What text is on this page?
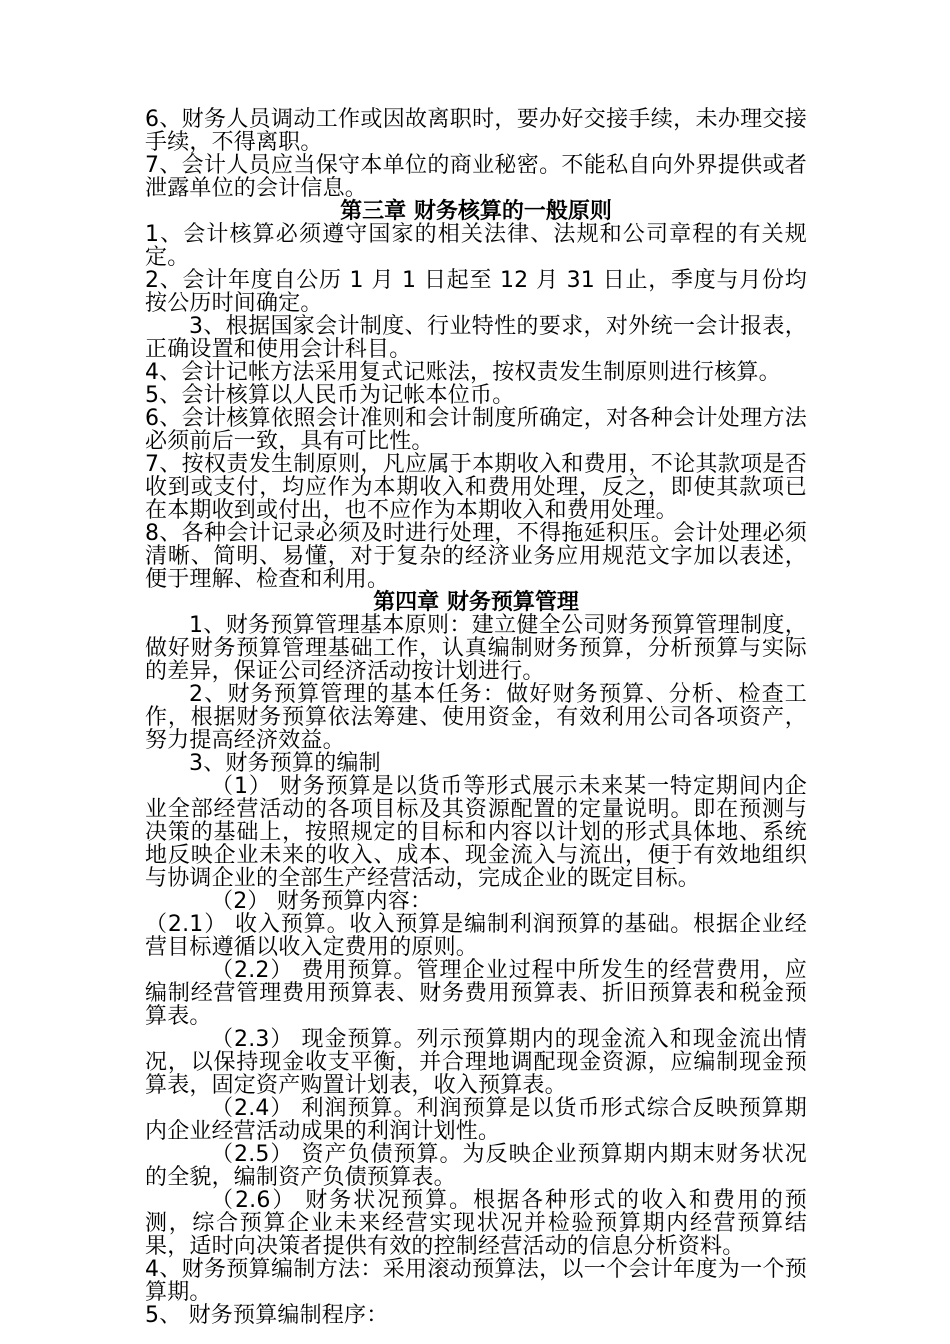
6、财务人员调动工作或因故离职时，要办好交接手续，未办理交接手续，不得离职。

7、会计人员应当保守本单位的商业秘密。不能私自向外界提供或者泄露单位的会计信息。

第三章 财务核算的一般原则

1、会计核算必须遵守国家的相关法律、法规和公司章程的有关规定。

2、会计年度自公历 1 月 1 日起至 12 月 31 日止，季度与月份均按公历时间确定。

3、根据国家会计制度、行业特性的要求，对外统一会计报表，正确设置和使用会计科目。

4、会计记帐方法采用复式记账法，按权责发生制原则进行核算。

5、会计核算以人民币为记帐本位币。

6、会计核算依照会计准则和会计制度所确定，对各种会计处理方法必须前后一致，具有可比性。

7、按权责发生制原则，凡应属于本期收入和费用，不论其款项是否收到或支付，均应作为本期收入和费用处理，反之，即使其款项已在本期收到或付出，也不应作为本期收入和费用处理。

8、各种会计记录必须及时进行处理，不得拖延积压。会计处理必须清晰、简明、易懂，对于复杂的经济业务应用规范文字加以表述，便于理解、检查和利用。

第四章 财务预算管理

1、财务预算管理基本原则：建立健全公司财务预算管理制度，做好财务预算管理基础工作，认真编制财务预算，分析预算与实际的差异，保证公司经济活动按计划进行。

2、财务预算管理的基本任务：做好财务预算、分析、检查工作，根据财务预算依法筹建、使用资金，有效利用公司各项资产，努力提高经济效益。

3、财务预算的编制

（1） 财务预算是以货币等形式展示未来某一特定期间内企业全部经营活动的各项目标及其资源配置的定量说明。即在预测与决策的基础上，按照规定的目标和内容以计划的形式具体地、系统地反映企业未来的收入、成本、现金流入与流出，便于有效地组织与协调企业的全部生产经营活动，完成企业的既定目标。

（2） 财务预算内容：

（2.1） 收入预算。收入预算是编制利润预算的基础。根据企业经营目标遵循以收入定费用的原则。

（2.2） 费用预算。管理企业过程中所发生的经营费用，应编制经营管理费用预算表、财务费用预算表、折旧预算表和税金预算表。

（2.3） 现金预算。列示预算期内的现金流入和现金流出情况，以保持现金收支平衡，并合理地调配现金资源，应编制现金预算表，固定资产购置计划表，收入预算表。

（2.4） 利润预算。利润预算是以货币形式综合反映预算期内企业经营活动成果的利润计划性。

（2.5） 资产负债预算。为反映企业预算期内期末财务状况的全貌，编制资产负债预算表。

（2.6） 财务状况预算。根据各种形式的收入和费用的预测，综合预算企业未来经营实现状况并检验预算期内经营预算结果，适时向决策者提供有效的控制经营活动的信息分析资料。

4、财务预算编制方法：采用滚动预算法，以一个会计年度为一个预算期。

5、 财务预算编制程序：
